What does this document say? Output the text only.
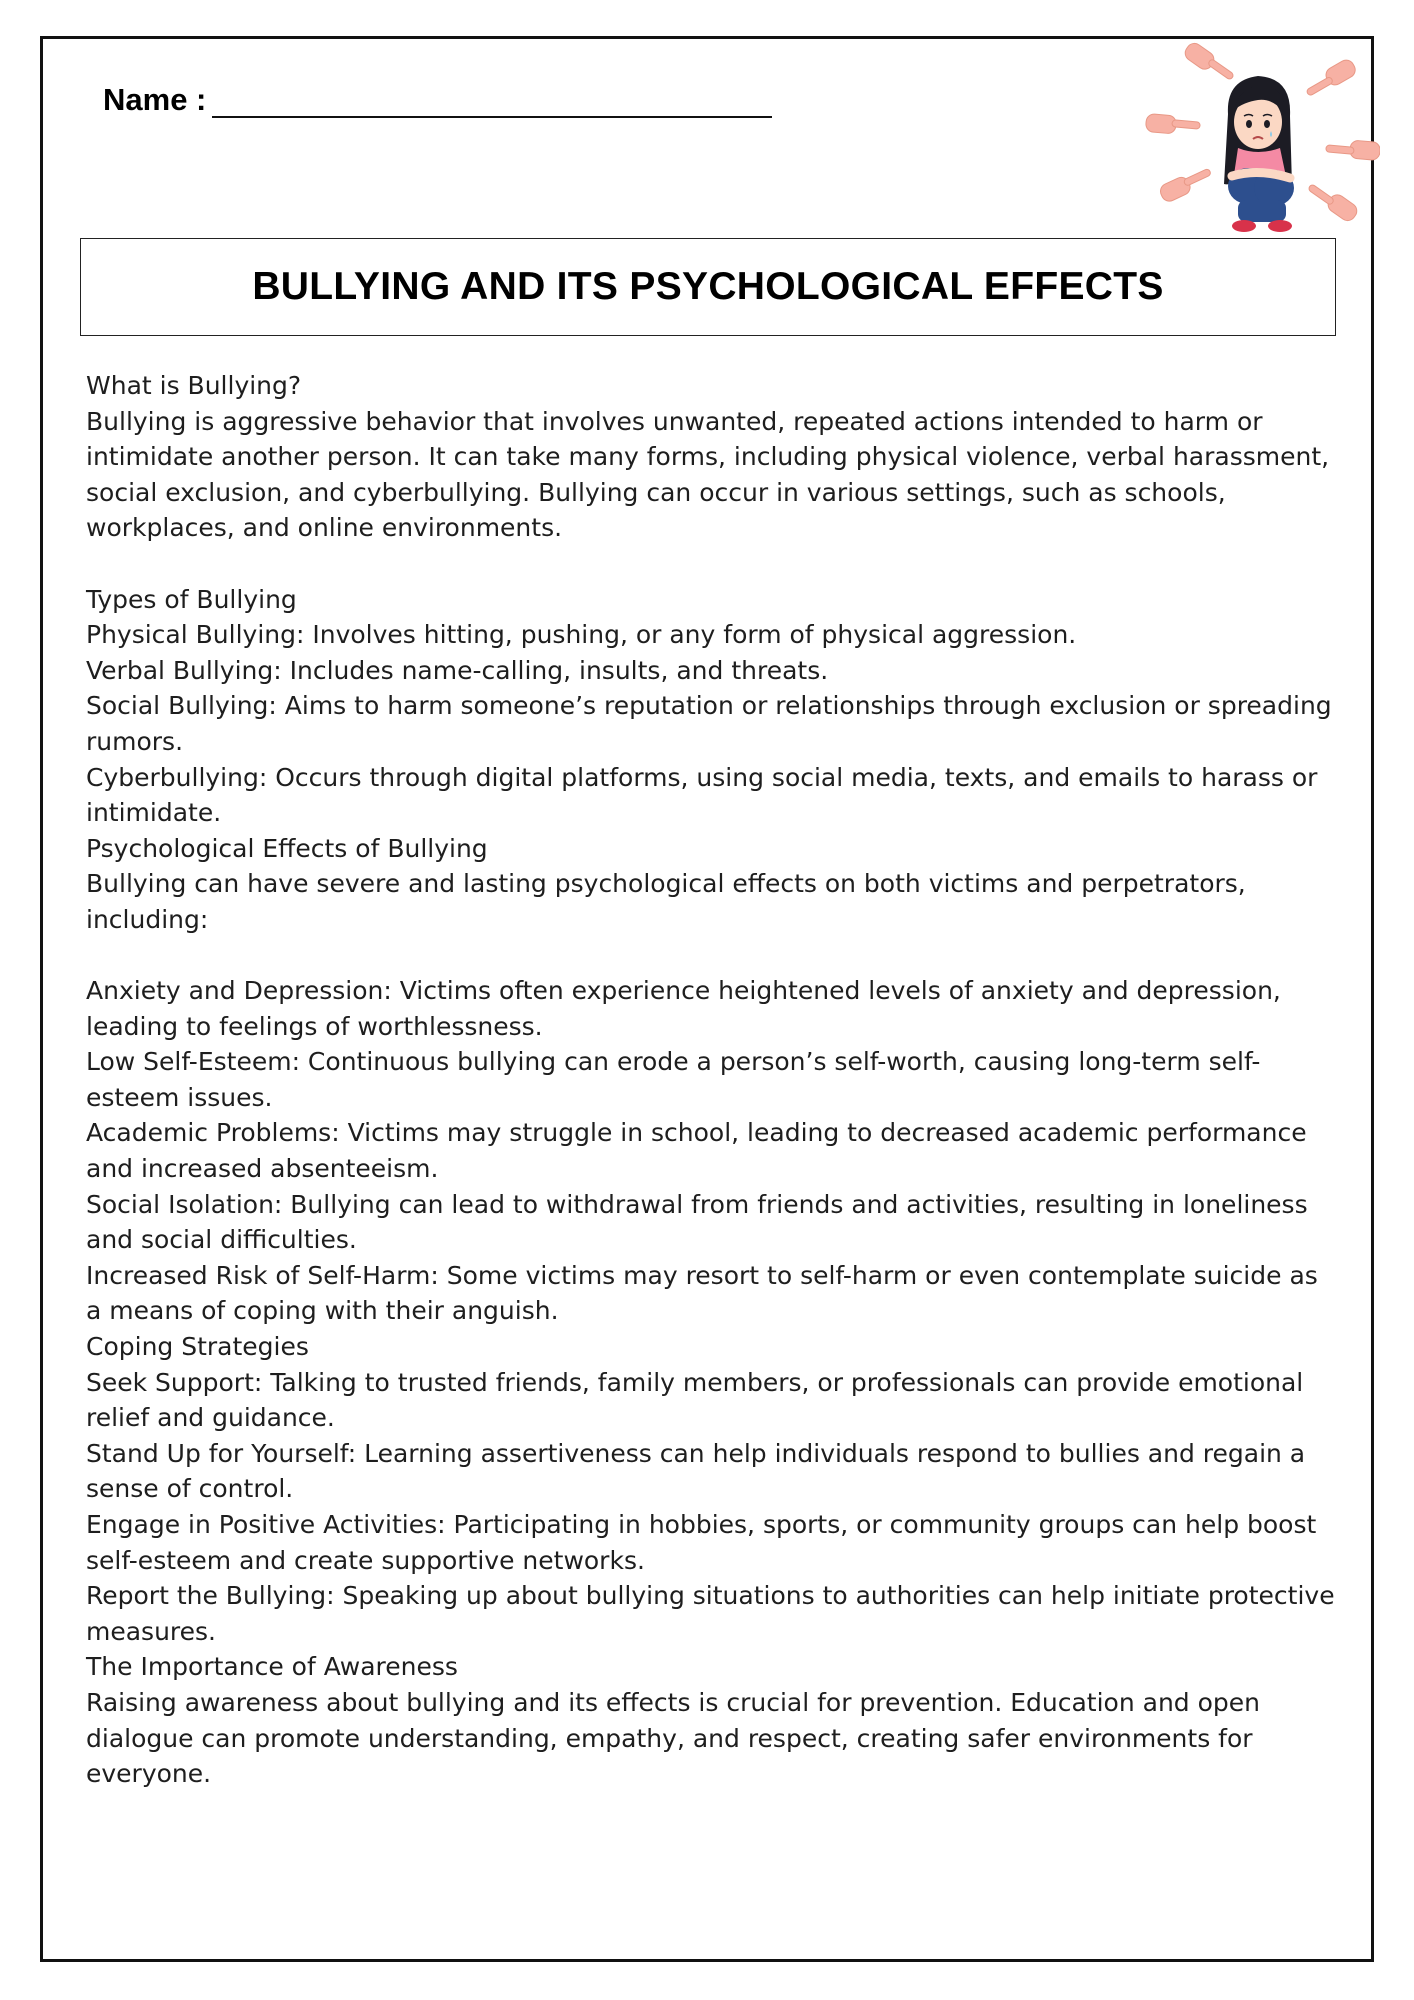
Name :
BULLYING AND ITS PSYCHOLOGICAL EFFECTS

What is Bullying?

Bullying is aggressive behavior that involves unwanted, repeated actions intended to harm or intimidate another person. It can take many forms, including physical violence, verbal harassment, social exclusion, and cyberbullying. Bullying can occur in various settings, such as schools, workplaces, and online environments.

Types of Bullying

Physical Bullying: Involves hitting, pushing, or any form of physical aggression.

Verbal Bullying: Includes name-calling, insults, and threats.

Social Bullying: Aims to harm someone’s reputation or relationships through exclusion or spreading rumors.

Cyberbullying: Occurs through digital platforms, using social media, texts, and emails to harass or intimidate.

Psychological Effects of Bullying

Bullying can have severe and lasting psychological effects on both victims and perpetrators, including:

Anxiety and Depression: Victims often experience heightened levels of anxiety and depression, leading to feelings of worthlessness.

Low Self-Esteem: Continuous bullying can erode a person’s self-worth, causing long-term self-esteem issues.

Academic Problems: Victims may struggle in school, leading to decreased academic performance and increased absenteeism.

Social Isolation: Bullying can lead to withdrawal from friends and activities, resulting in loneliness and social difficulties.

Increased Risk of Self-Harm: Some victims may resort to self-harm or even contemplate suicide as a means of coping with their anguish.

Coping Strategies

Seek Support: Talking to trusted friends, family members, or professionals can provide emotional relief and guidance.

Stand Up for Yourself: Learning assertiveness can help individuals respond to bullies and regain a sense of control.

Engage in Positive Activities: Participating in hobbies, sports, or community groups can help boost self-esteem and create supportive networks.

Report the Bullying: Speaking up about bullying situations to authorities can help initiate protective measures.

The Importance of Awareness

Raising awareness about bullying and its effects is crucial for prevention. Education and open dialogue can promote understanding, empathy, and respect, creating safer environments for everyone.
